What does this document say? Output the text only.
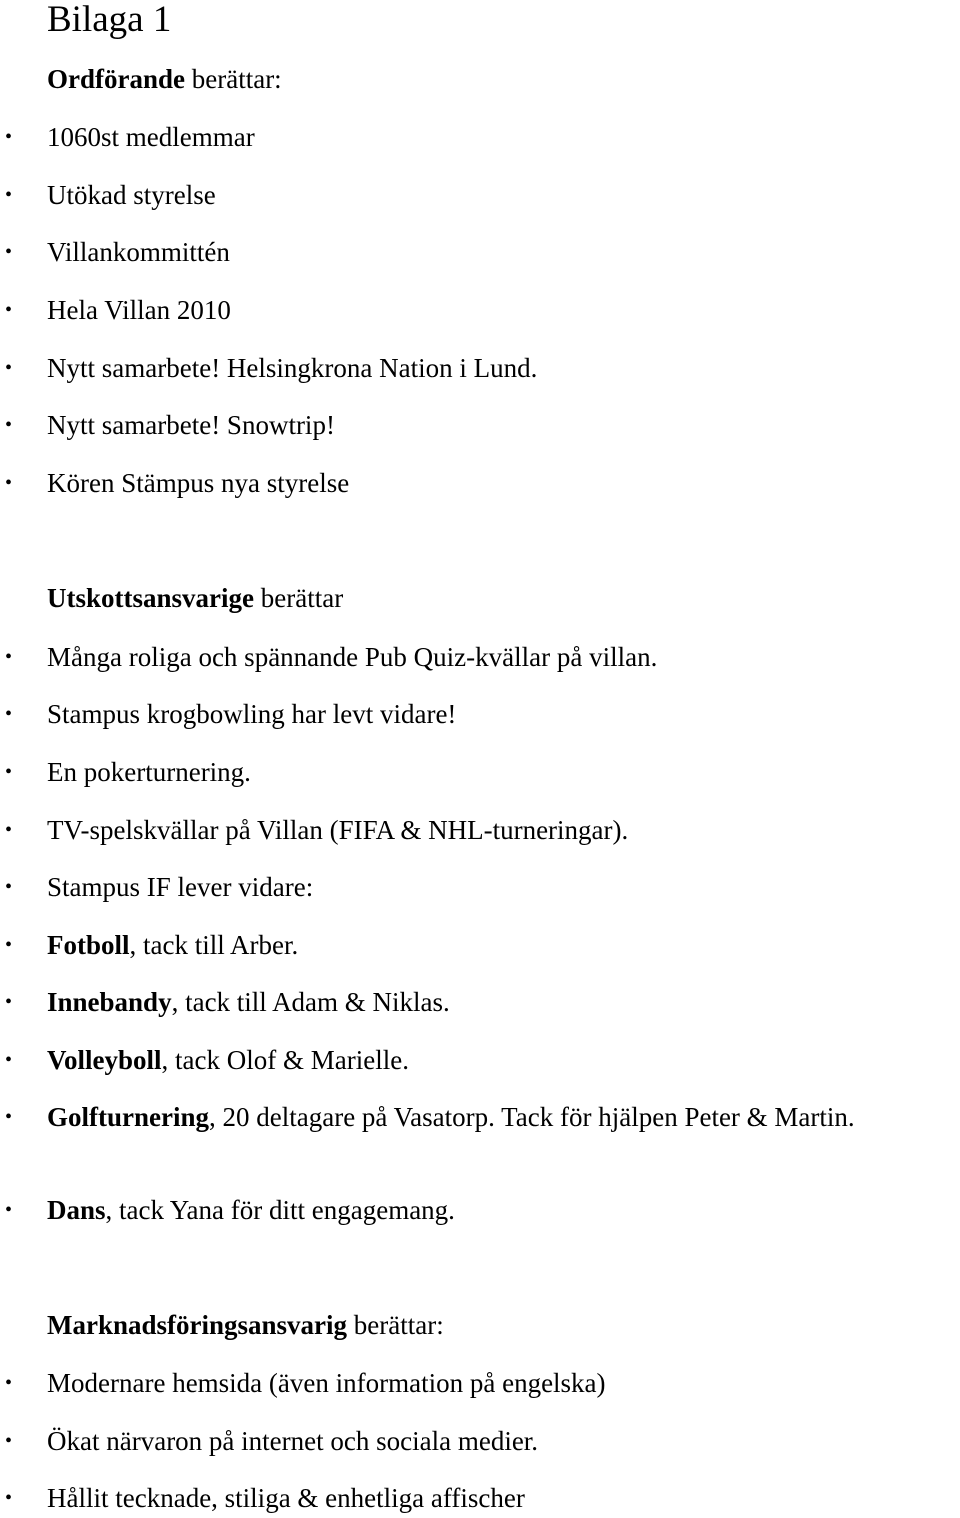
Bilaga 1

Ordförande berättar:

• 1060st medlemmar
• Utökad styrelse
• Villankommittén
• Hela Villan 2010
• Nytt samarbete! Helsingkrona Nation i Lund.
• Nytt samarbete! Snowtrip!
• Kören Stämpus nya styrelse

Utskottsansvarige berättar

• Många roliga och spännande Pub Quiz-kvällar på villan.
• Stampus krogbowling har levt vidare!
• En pokerturnering.
• TV-spelskvällar på Villan (FIFA & NHL-turneringar).
• Stampus IF lever vidare:
• Fotboll, tack till Arber.
• Innebandy, tack till Adam & Niklas.
• Volleyboll, tack Olof & Marielle.
• Golfturnering, 20 deltagare på Vasatorp. Tack för hjälpen Peter & Martin.
• Dans, tack Yana för ditt engagemang.

Marknadsföringsansvarig berättar:

• Modernare hemsida (även information på engelska)
• Ökat närvaron på internet och sociala medier.
• Hållit tecknade, stiliga & enhetliga affischer
